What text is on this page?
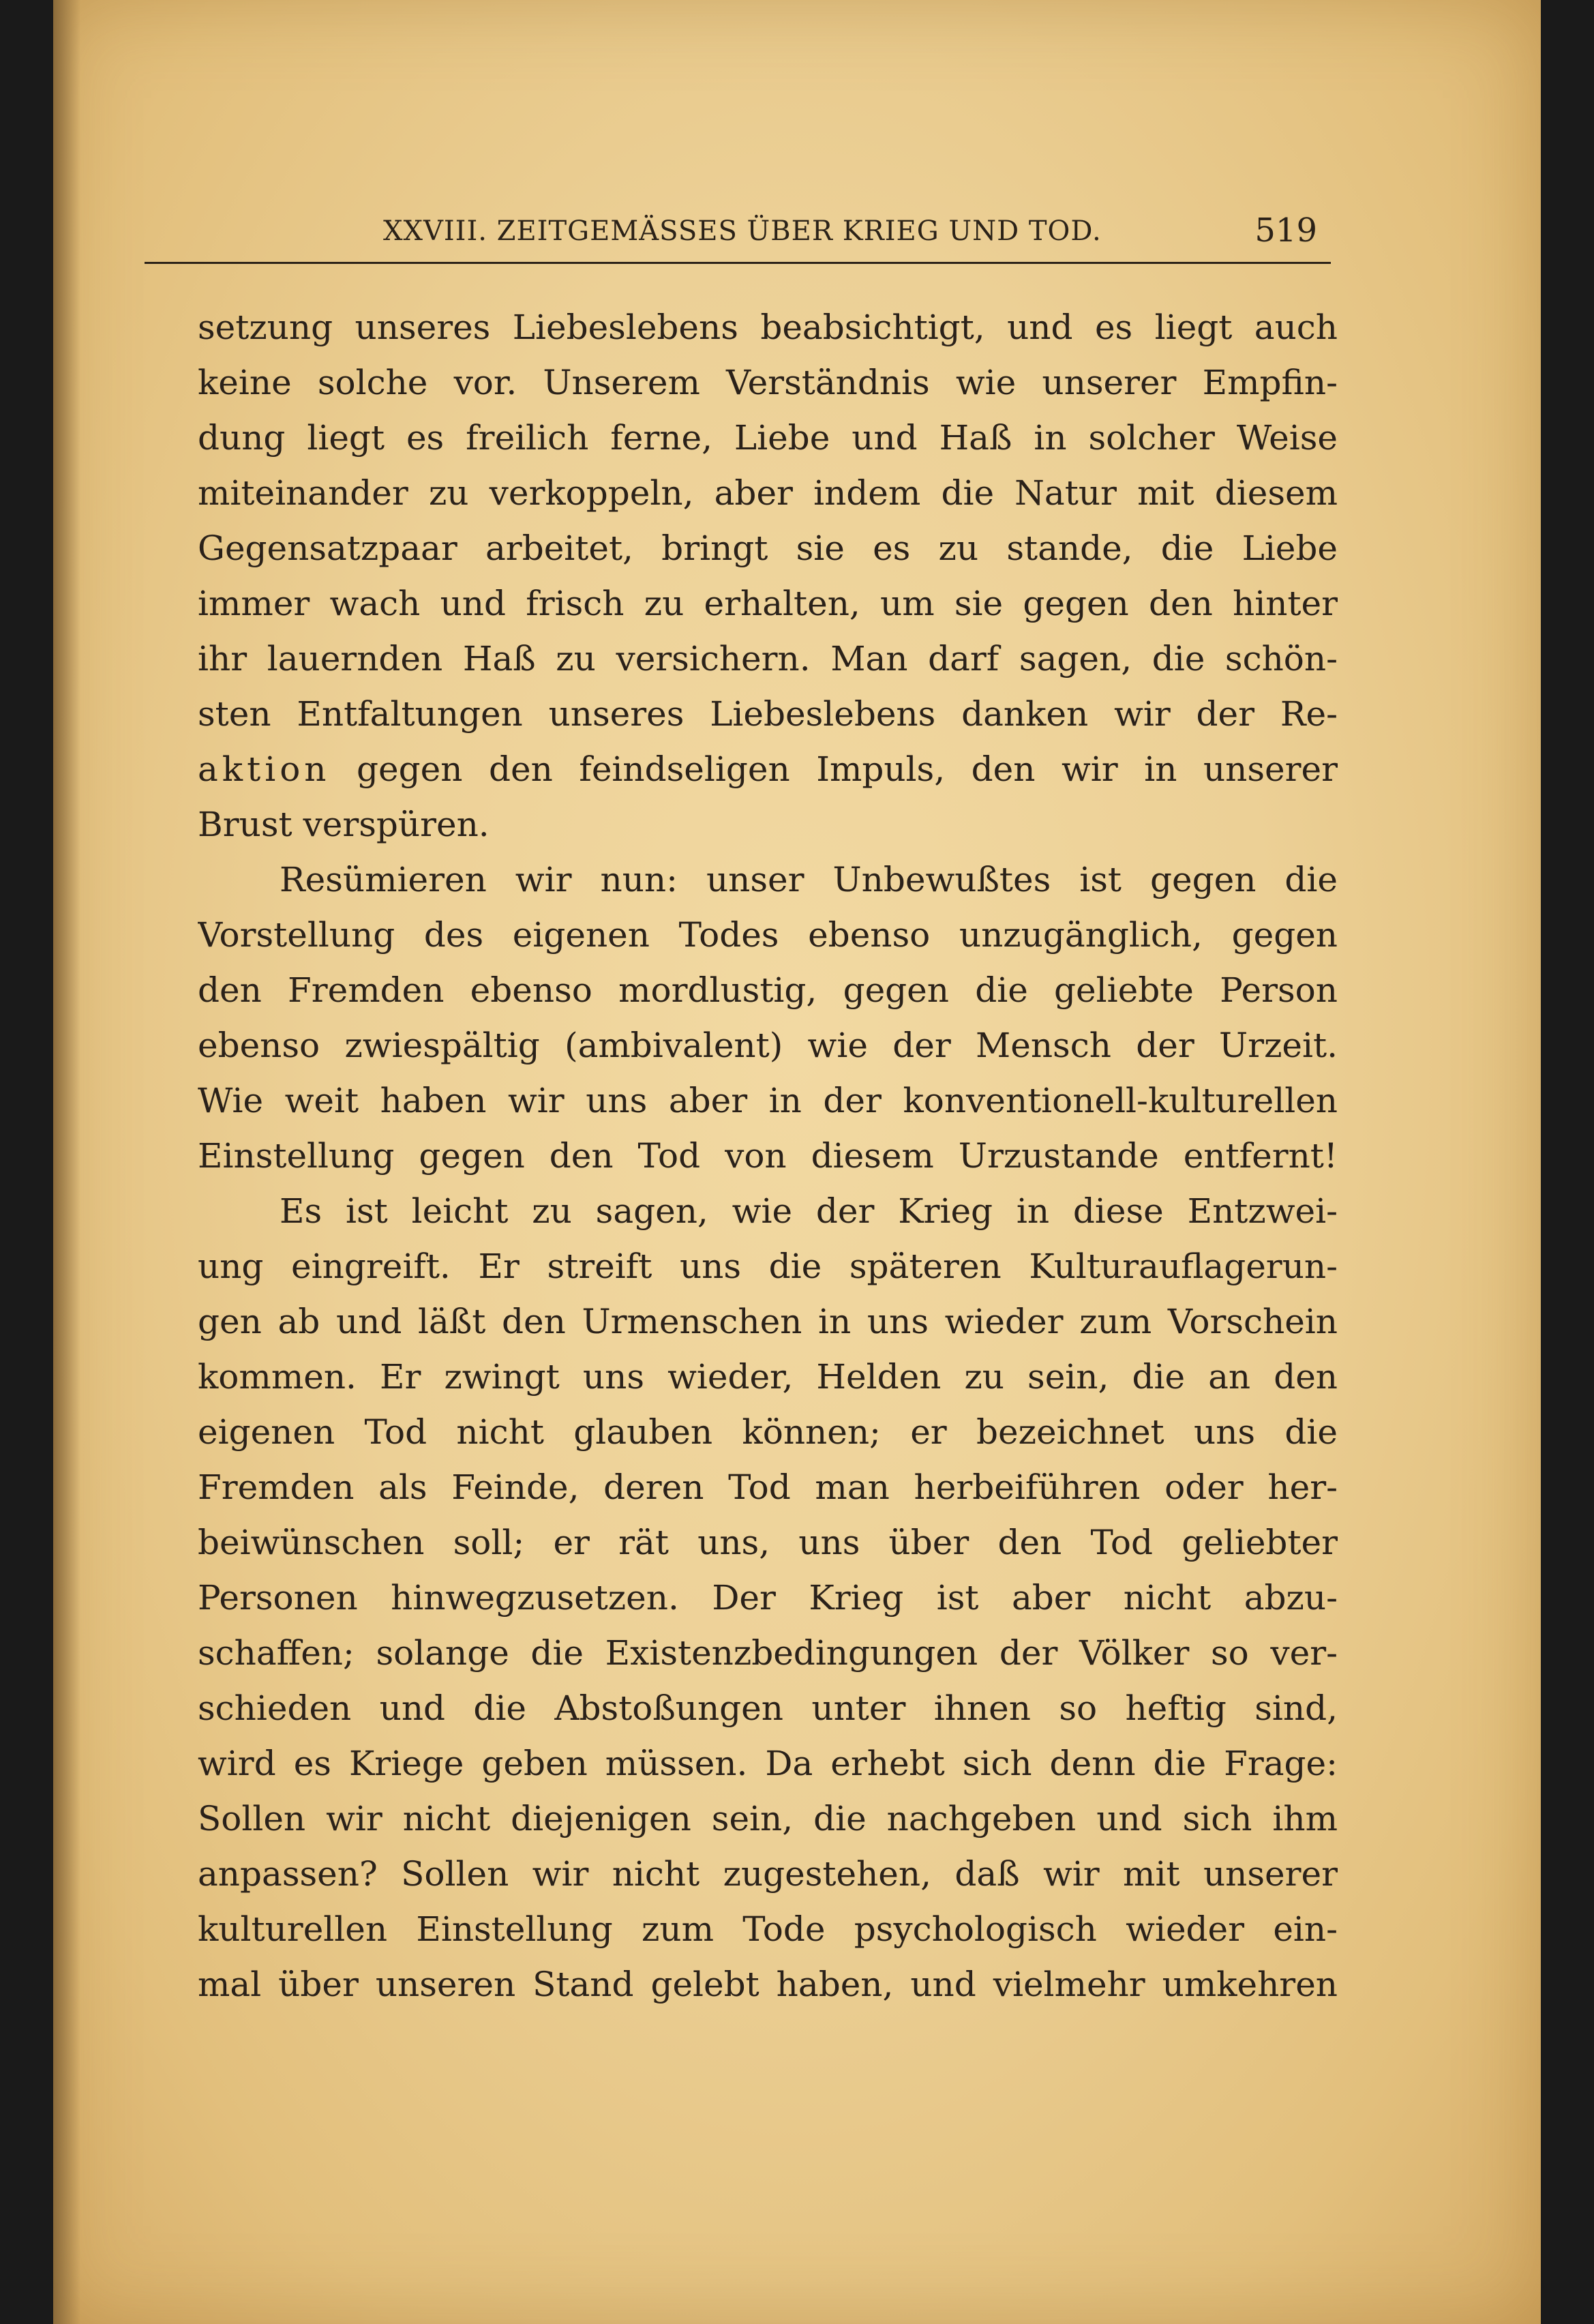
XXVIII. ZEITGEMÄSSES ÜBER KRIEG UND TOD.	519
setzung unseres Liebeslebens beabsichtigt, und es liegt auch
keine solche vor. Unserem Verständnis wie unserer Empfin-
dung liegt es freilich ferne, Liebe und Haß in solcher Weise
miteinander zu verkoppeln, aber indem die Natur mit diesem
Gegensatzpaar arbeitet, bringt sie es zu stande, die Liebe
immer wach und frisch zu erhalten, um sie gegen den hinter
ihr lauernden Haß zu versichern. Man darf sagen, die schön-
sten Entfaltungen unseres Liebeslebens danken wir der Re-
aktion gegen den feindseligen Impuls, den wir in unserer
Brust verspüren.
Resümieren wir nun: unser Unbewußtes ist gegen die
Vorstellung des eigenen Todes ebenso unzugänglich, gegen
den Fremden ebenso mordlustig, gegen die geliebte Person
ebenso zwiespältig (ambivalent) wie der Mensch der Urzeit.
Wie weit haben wir uns aber in der konventionell-kulturellen
Einstellung gegen den Tod von diesem Urzustande entfernt!
Es ist leicht zu sagen, wie der Krieg in diese Entzwei-
ung eingreift. Er streift uns die späteren Kulturauflagerun-
gen ab und läßt den Urmenschen in uns wieder zum Vorschein
kommen. Er zwingt uns wieder, Helden zu sein, die an den
eigenen Tod nicht glauben können; er bezeichnet uns die
Fremden als Feinde, deren Tod man herbeiführen oder her-
beiwünschen soll; er rät uns, uns über den Tod geliebter
Personen hinwegzusetzen. Der Krieg ist aber nicht abzu-
schaffen; solange die Existenzbedingungen der Völker so ver-
schieden und die Abstoßungen unter ihnen so heftig sind,
wird es Kriege geben müssen. Da erhebt sich denn die Frage:
Sollen wir nicht diejenigen sein, die nachgeben und sich ihm
anpassen? Sollen wir nicht zugestehen, daß wir mit unserer
kulturellen Einstellung zum Tode psychologisch wieder ein-
mal über unseren Stand gelebt haben, und vielmehr umkehren
